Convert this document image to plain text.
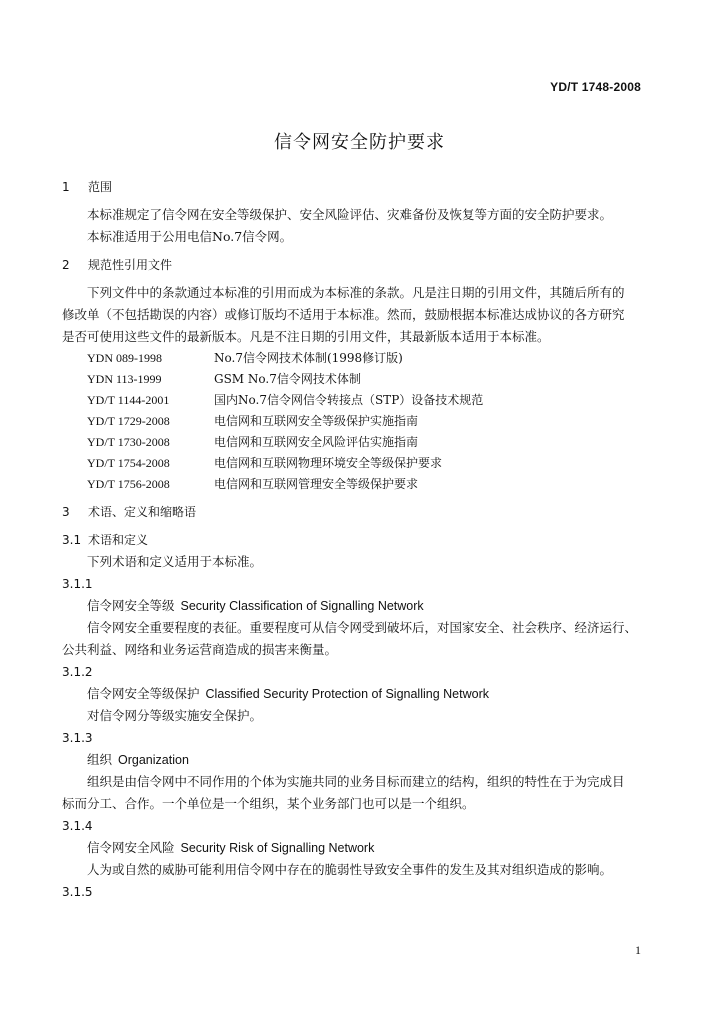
YD/T 1748-2008
信令网安全防护要求
1 范围
本标准规定了信令网在安全等级保护、安全风险评估、灾难备份及恢复等方面的安全防护要求。
本标准适用于公用电信No.7信令网。
2 规范性引用文件
下列文件中的条款通过本标准的引用而成为本标准的条款。凡是注日期的引用文件，其随后所有的
修改单（不包括勘误的内容）或修订版均不适用于本标准。然而，鼓励根据本标准达成协议的各方研究
是否可使用这些文件的最新版本。凡是不注日期的引用文件，其最新版本适用于本标准。
YDN 089-1998	No.7信令网技术体制(1998修订版)
YDN 113-1999	GSM No.7信令网技术体制
YD/T 1144-2001	国内No.7信令网信令转接点（STP）设备技术规范
YD/T 1729-2008	电信网和互联网安全等级保护实施指南
YD/T 1730-2008	电信网和互联网安全风险评估实施指南
YD/T 1754-2008	电信网和互联网物理环境安全等级保护要求
YD/T 1756-2008	电信网和互联网管理安全等级保护要求
3 术语、定义和缩略语
3.1 术语和定义
下列术语和定义适用于本标准。
3.1.1
信令网安全等级 Security Classification of Signalling Network
信令网安全重要程度的表征。重要程度可从信令网受到破坏后，对国家安全、社会秩序、经济运行、
公共利益、网络和业务运营商造成的损害来衡量。
3.1.2
信令网安全等级保护 Classified Security Protection of Signalling Network
对信令网分等级实施安全保护。
3.1.3
组织 Organization
组织是由信令网中不同作用的个体为实施共同的业务目标而建立的结构，组织的特性在于为完成目
标而分工、合作。一个单位是一个组织，某个业务部门也可以是一个组织。
3.1.4
信令网安全风险 Security Risk of Signalling Network
人为或自然的威胁可能利用信令网中存在的脆弱性导致安全事件的发生及其对组织造成的影响。
3.1.5
1
